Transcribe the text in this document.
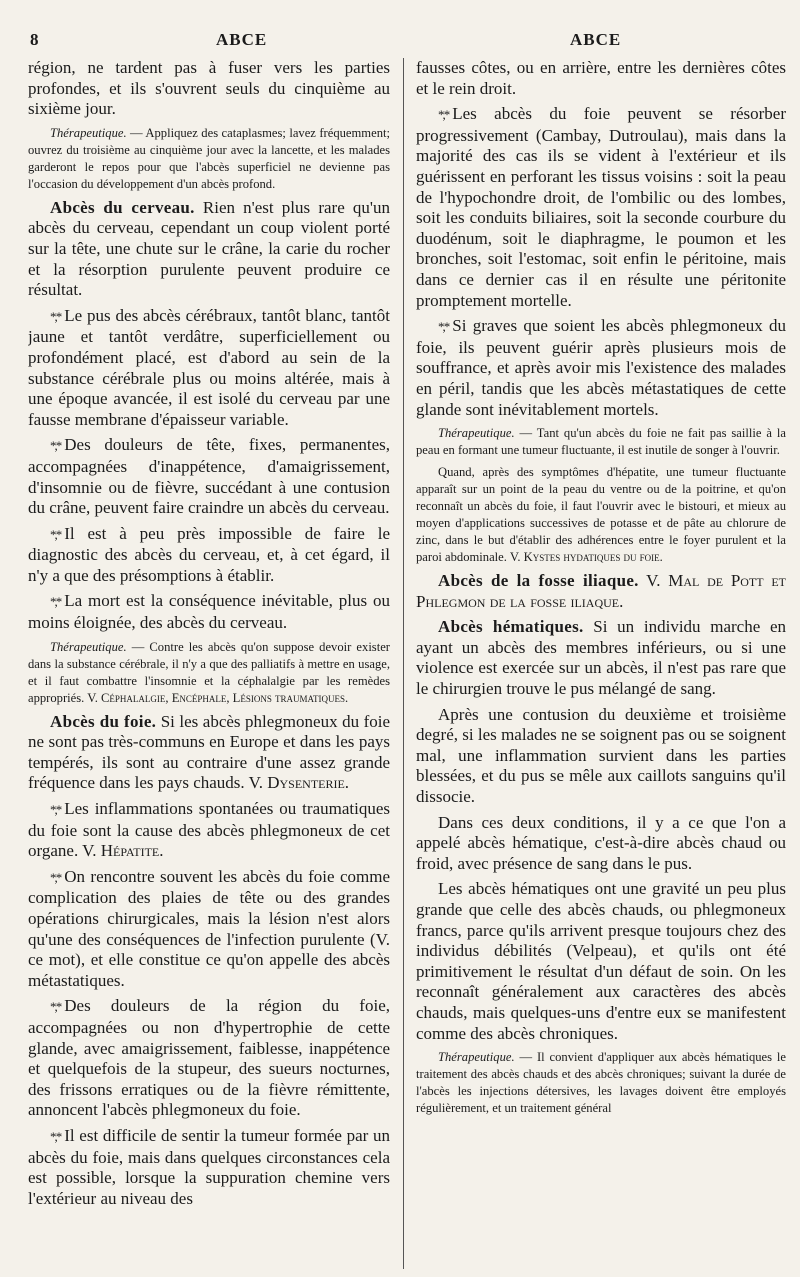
8	ABCE	ABCE

région, ne tardent pas à fuser vers les parties profondes, et ils s'ouvrent seuls du cinquième au sixième jour.

Thérapeutique. — Appliquez des cataplasmes; lavez fréquemment; ouvrez du troisième au cinquième jour avec la lancette, et les malades garderont le repos pour que l'abcès superficiel ne devienne pas l'occasion du développement d'un abcès profond.

Abcès du cerveau. Rien n'est plus rare qu'un abcès du cerveau, cependant un coup violent porté sur la tête, une chute sur le crâne, la carie du rocher et la résorption purulente peuvent produire ce résultat.

*,* Le pus des abcès cérébraux, tantôt blanc, tantôt jaune et tantôt verdâtre, superficiellement ou profondément placé, est d'abord au sein de la substance cérébrale plus ou moins altérée, mais à une époque avancée, il est isolé du cerveau par une fausse membrane d'épaisseur variable.

*,* Des douleurs de tête, fixes, permanentes, accompagnées d'inappétence, d'amaigrissement, d'insomnie ou de fièvre, succédant à une contusion du crâne, peuvent faire craindre un abcès du cerveau.

*,* Il est à peu près impossible de faire le diagnostic des abcès du cerveau, et, à cet égard, il n'y a que des présomptions à établir.

*,* La mort est la conséquence inévitable, plus ou moins éloignée, des abcès du cerveau.

Thérapeutique. — Contre les abcès qu'on suppose devoir exister dans la substance cérébrale, il n'y a que des palliatifs à mettre en usage, et il faut combattre l'insomnie et la céphalalgie par les remèdes appropriés. V. Céphalalgie, Encéphale, Lésions traumatiques.

Abcès du foie. Si les abcès phlegmoneux du foie ne sont pas très-communs en Europe et dans les pays tempérés, ils sont au contraire d'une assez grande fréquence dans les pays chauds. V. Dysenterie.

*,* Les inflammations spontanées ou traumatiques du foie sont la cause des abcès phlegmoneux de cet organe. V. Hépatite.

*,* On rencontre souvent les abcès du foie comme complication des plaies de tête ou des grandes opérations chirurgicales, mais la lésion n'est alors qu'une des conséquences de l'infection purulente (V. ce mot), et elle constitue ce qu'on appelle des abcès métastatiques.

*,* Des douleurs de la région du foie, accompagnées ou non d'hypertrophie de cette glande, avec amaigrissement, faiblesse, inappétence et quelquefois de la stupeur, des sueurs nocturnes, des frissons erratiques ou de la fièvre rémittente, annoncent l'abcès phlegmoneux du foie.

*,* Il est difficile de sentir la tumeur formée par un abcès du foie, mais dans quelques circonstances cela est possible, lorsque la suppuration chemine vers l'extérieur au niveau des

fausses côtes, ou en arrière, entre les dernières côtes et le rein droit.

*,* Les abcès du foie peuvent se résorber progressivement (Cambay, Dutroulau), mais dans la majorité des cas ils se vident à l'extérieur et ils guérissent en perforant les tissus voisins : soit la peau de l'hypochondre droit, de l'ombilic ou des lombes, soit les conduits biliaires, soit la seconde courbure du duodénum, soit le diaphragme, le poumon et les bronches, soit l'estomac, soit enfin le péritoine, mais dans ce dernier cas il en résulte une péritonite promptement mortelle.

*,* Si graves que soient les abcès phlegmoneux du foie, ils peuvent guérir après plusieurs mois de souffrance, et après avoir mis l'existence des malades en péril, tandis que les abcès métastatiques de cette glande sont inévitablement mortels.

Thérapeutique. — Tant qu'un abcès du foie ne fait pas saillie à la peau en formant une tumeur fluctuante, il est inutile de songer à l'ouvrir.

Quand, après des symptômes d'hépatite, une tumeur fluctuante apparaît sur un point de la peau du ventre ou de la poitrine, et qu'on reconnaît un abcès du foie, il faut l'ouvrir avec le bistouri, et mieux au moyen d'applications successives de potasse et de pâte au chlorure de zinc, dans le but d'établir des adhérences entre le foyer purulent et la paroi abdominale. V. Kystes hydatiques du foie.

Abcès de la fosse iliaque. V. Mal de Pott et Phlegmon de la fosse iliaque.

Abcès hématiques. Si un individu marche en ayant un abcès des membres inférieurs, ou si une violence est exercée sur un abcès, il n'est pas rare que le chirurgien trouve le pus mélangé de sang.

Après une contusion du deuxième et troisième degré, si les malades ne se soignent pas ou se soignent mal, une inflammation survient dans les parties blessées, et du pus se mêle aux caillots sanguins qu'il dissocie.

Dans ces deux conditions, il y a ce que l'on a appelé abcès hématique, c'est-à-dire abcès chaud ou froid, avec présence de sang dans le pus.

Les abcès hématiques ont une gravité un peu plus grande que celle des abcès chauds, ou phlegmoneux francs, parce qu'ils arrivent presque toujours chez des individus débilités (Velpeau), et qu'ils ont été primitivement le résultat d'un défaut de soin. On les reconnaît généralement aux caractères des abcès chauds, mais quelques-uns d'entre eux se manifestent comme des abcès chroniques.

Thérapeutique. — Il convient d'appliquer aux abcès hématiques le traitement des abcès chauds et des abcès chroniques; suivant la durée de l'abcès les injections détersives, les lavages doivent être employés régulièrement, et un traitement général
